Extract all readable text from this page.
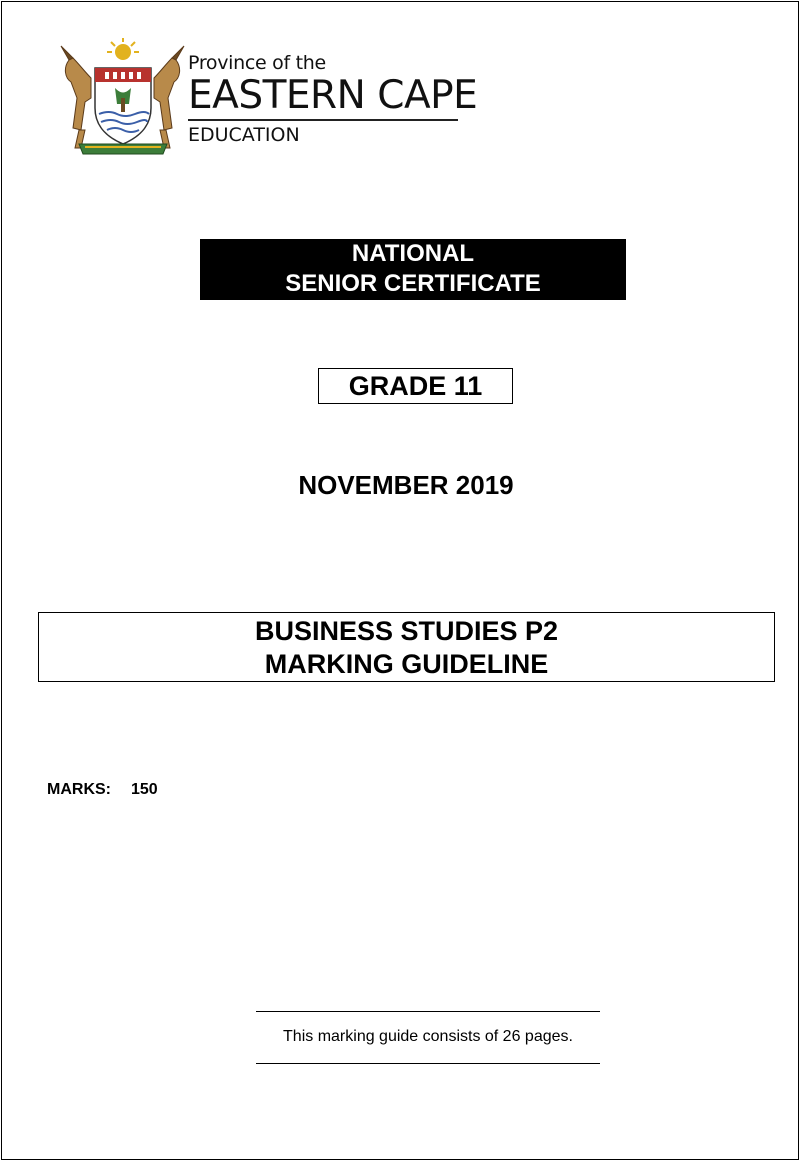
Province of the
EASTERN CAPE
EDUCATION
NATIONAL
SENIOR CERTIFICATE
GRADE 11
NOVEMBER 2019
BUSINESS STUDIES P2
MARKING GUIDELINE
MARKS: 150
This marking guide consists of 26 pages.
